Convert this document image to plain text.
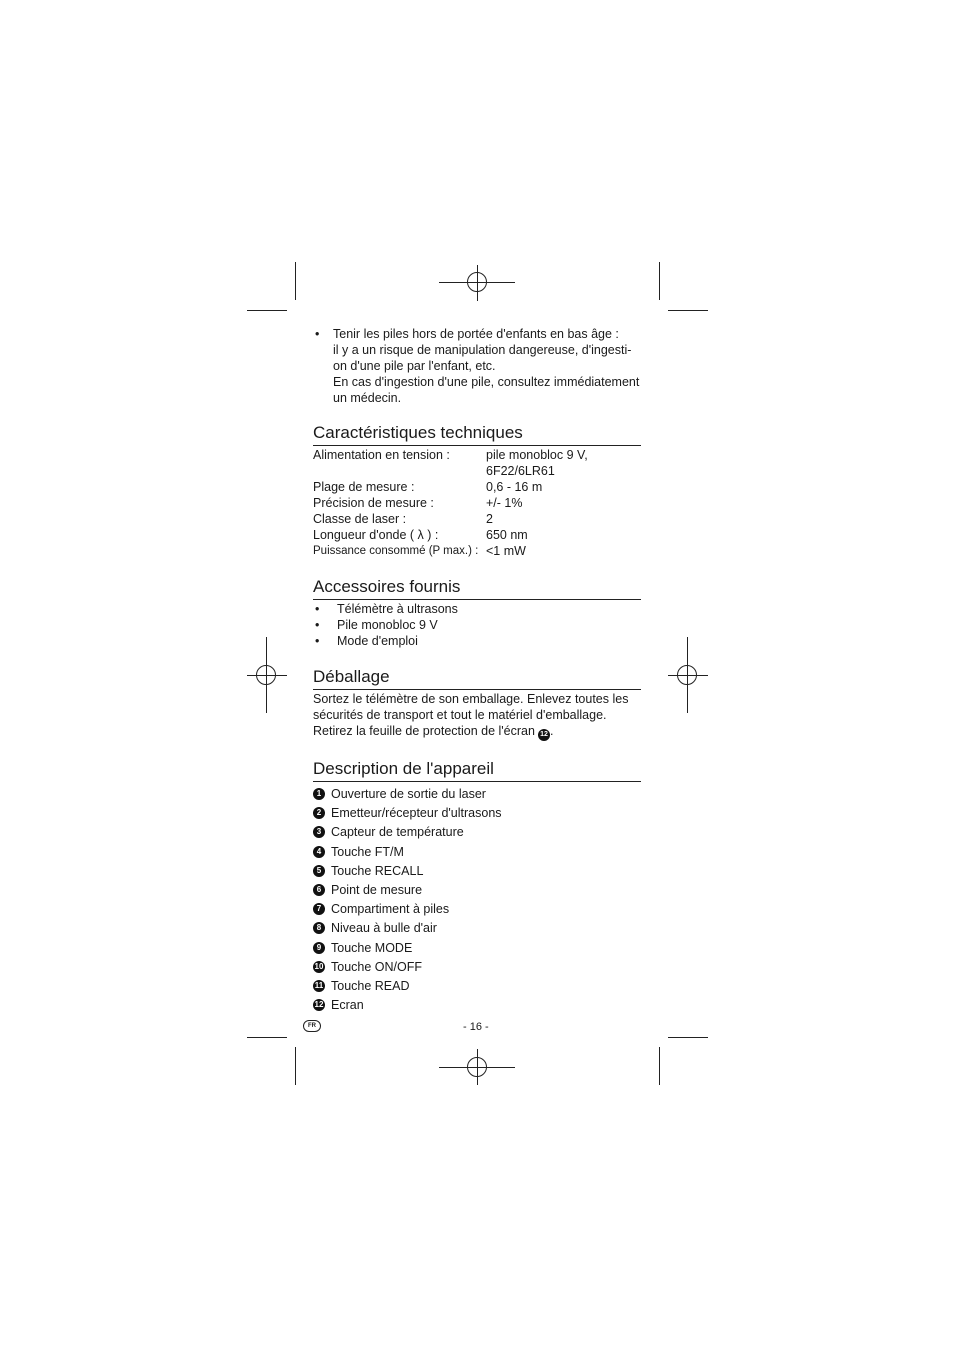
•	Tenir les piles hors de portée d'enfants en bas âge :
il y a un risque de manipulation dangereuse, d'ingesti-
on d'une pile par l'enfant, etc.
En cas d'ingestion d'une pile, consultez immédiatement
un médecin.
Caractéristiques techniques
Alimentation en tension :	pile monobloc 9 V,
6F22/6LR61
Plage de mesure :	0,6 - 16 m
Précision de mesure :	+/- 1%
Classe de laser :	2
Longueur d'onde ( λ ) :	650 nm
Puissance consommé (P max.) : <1 mW
Accessoires fournis
•	Télémètre à ultrasons
•	Pile monobloc 9 V
•	Mode d'emploi
Déballage
Sortez le télémètre de son emballage. Enlevez toutes les
sécurités de transport et tout le matériel d'emballage.
Retirez la feuille de protection de l'écran 12 .
Description de l'appareil
1 Ouverture de sortie du laser
2 Emetteur/récepteur d'ultrasons
3 Capteur de température
4 Touche FT/M
5 Touche RECALL
6 Point de mesure
7 Compartiment à piles
8 Niveau à bulle d'air
9 Touche MODE
10 Touche ON/OFF
11 Touche READ
12 Ecran
FR	- 16 -
